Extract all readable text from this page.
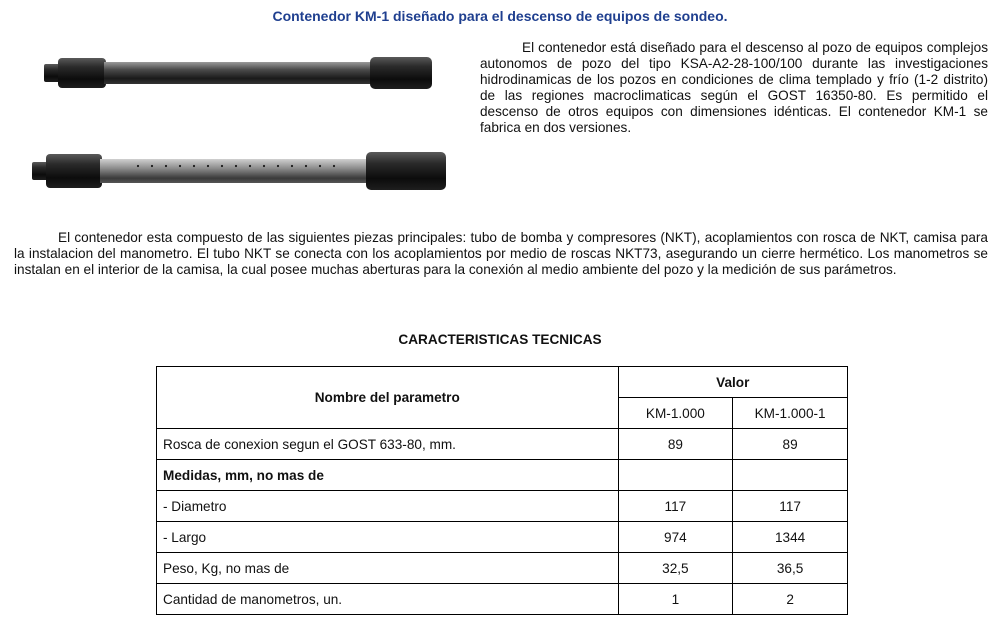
Contenedor KM-1 diseñado para el descenso de equipos de sondeo.

El contenedor está diseñado para el descenso al pozo de equipos complejos autonomos de pozo del tipo KSA-A2-28-100/100 durante las investigaciones hidrodinamicas de los pozos en condiciones de clima templado y frío (1-2 distrito) de las regiones macroclimaticas según el GOST 16350-80. Es permitido el descenso de otros equipos con dimensiones idénticas. El contenedor KM-1 se fabrica en dos versiones.

El contenedor esta compuesto de las siguientes piezas principales: tubo de bomba y compresores (NKT), acoplamientos con rosca de NKT, camisa para la instalacion del manometro. El tubo NKT se conecta con los acoplamientos por medio de roscas NKT73, asegurando un cierre hermético. Los manometros se instalan en el interior de la camisa, la cual posee muchas aberturas para la conexión al medio ambiente del pozo y la medición de sus parámetros.

CARACTERISTICAS TECNICAS
Nombre del parametro	Valor	
	KM-1.000	KM-1.000-1
Rosca de conexion segun el GOST 633-80, mm.	89	89
Medidas, mm, no mas de		
- Diametro	117	117
- Largo	974	1344
Peso, Kg, no mas de	32,5	36,5
Cantidad de manometros, un.	1	2
